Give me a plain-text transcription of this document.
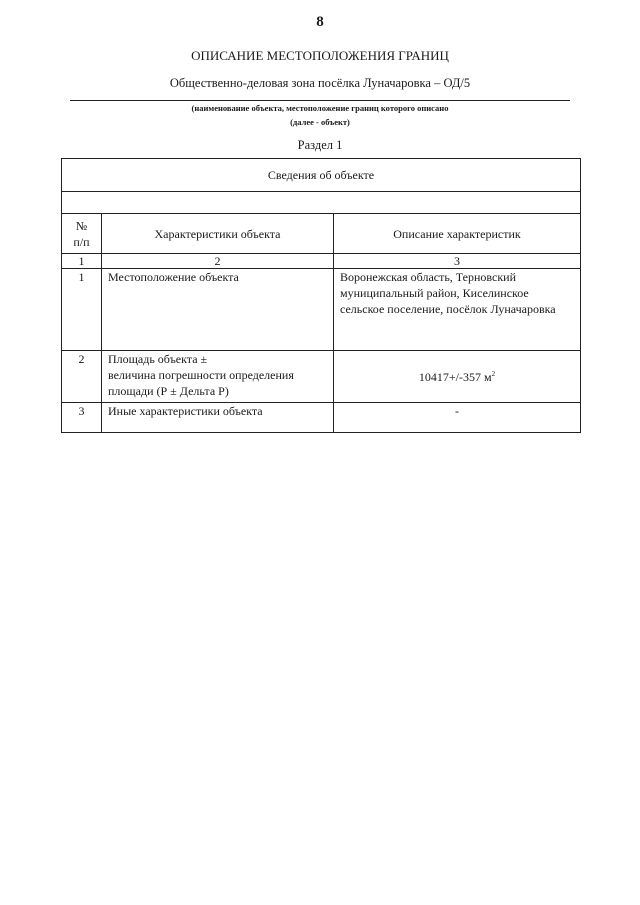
8
ОПИСАНИЕ МЕСТОПОЛОЖЕНИЯ ГРАНИЦ
Общественно-деловая зона посёлка Луначаровка – ОД/5
(наименование объекта, местоположение границ которого описано
(далее - объект)
Раздел 1
Сведения об объекте		

№
п/п	Характеристики объекта	Описание характеристик
1	2	3
1	Местоположение объекта	Воронежская область, Терновский
муниципальный район, Киселинское
сельское поселение, посёлок Луначаровка

2	Площадь объекта ±
величина погрешности определения
площади (Р ± Дельта Р)	10417+/-357 $м^2$
3	Иные характеристики объекта	-
